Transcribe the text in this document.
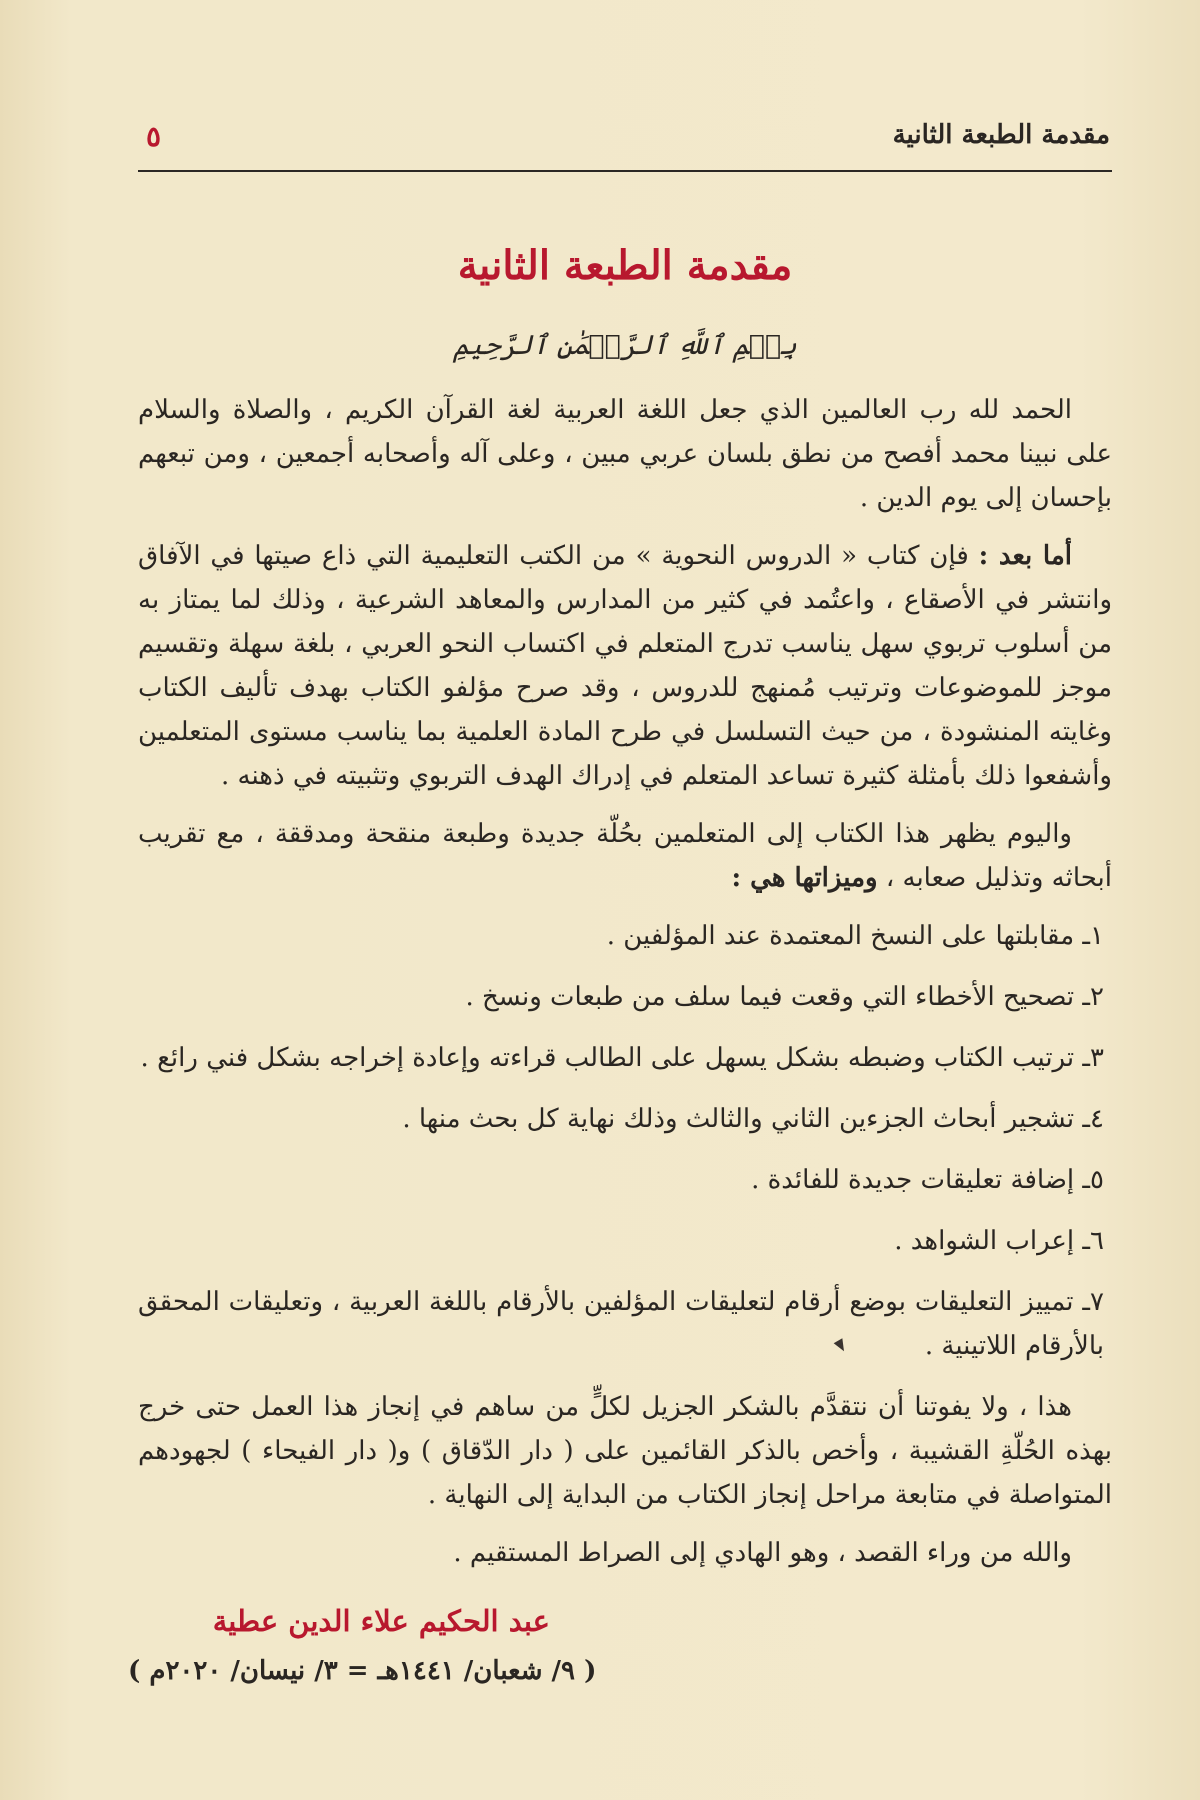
مقدمة الطبعة الثانية
٥
مقدمة الطبعة الثانية
بِسۡمِ ٱللَّهِ ٱلرَّحۡمَٰنِ ٱلرَّحِيمِ

الحمد لله رب العالمين الذي جعل اللغة العربية لغة القرآن الكريم ، والصلاة والسلام على نبينا محمد أفصح من نطق بلسان عربي مبين ، وعلى آله وأصحابه أجمعين ، ومن تبعهم بإحسان إلى يوم الدين .

أما بعد : فإن كتاب « الدروس النحوية » من الكتب التعليمية التي ذاع صيتها في الآفاق وانتشر في الأصقاع ، واعتُمد في كثير من المدارس والمعاهد الشرعية ، وذلك لما يمتاز به من أسلوب تربوي سهل يناسب تدرج المتعلم في اكتساب النحو العربي ، بلغة سهلة وتقسيم موجز للموضوعات وترتيب مُمنهج للدروس ، وقد صرح مؤلفو الكتاب بهدف تأليف الكتاب وغايته المنشودة ، من حيث التسلسل في طرح المادة العلمية بما يناسب مستوى المتعلمين وأشفعوا ذلك بأمثلة كثيرة تساعد المتعلم في إدراك الهدف التربوي وتثبيته في ذهنه .

واليوم يظهر هذا الكتاب إلى المتعلمين بحُلّة جديدة وطبعة منقحة ومدققة ، مع تقريب أبحاثه وتذليل صعابه ، وميزاتها هي :

١ـ مقابلتها على النسخ المعتمدة عند المؤلفين .
٢ـ تصحيح الأخطاء التي وقعت فيما سلف من طبعات ونسخ .
٣ـ ترتيب الكتاب وضبطه بشكل يسهل على الطالب قراءته وإعادة إخراجه بشكل فني رائع .
٤ـ تشجير أبحاث الجزءين الثاني والثالث وذلك نهاية كل بحث منها .
٥ـ إضافة تعليقات جديدة للفائدة .
٦ـ إعراب الشواهد .
٧ـ تمييز التعليقات بوضع أرقام لتعليقات المؤلفين بالأرقام باللغة العربية ، وتعليقات المحقق بالأرقام اللاتينية .

هذا ، ولا يفوتنا أن نتقدَّم بالشكر الجزيل لكلٍّ من ساهم في إنجاز هذا العمل حتى خرج بهذه الحُلّةِ القشيبة ، وأخص بالذكر القائمين على ( دار الدّقاق ) و( دار الفيحاء ) لجهودهم المتواصلة في متابعة مراحل إنجاز الكتاب من البداية إلى النهاية .

والله من وراء القصد ، وهو الهادي إلى الصراط المستقيم .

عبد الحكيم علاء الدين عطية
( ٩/ شعبان/ ١٤٤١هـ = ٣/ نيسان/ ٢٠٢٠م )
